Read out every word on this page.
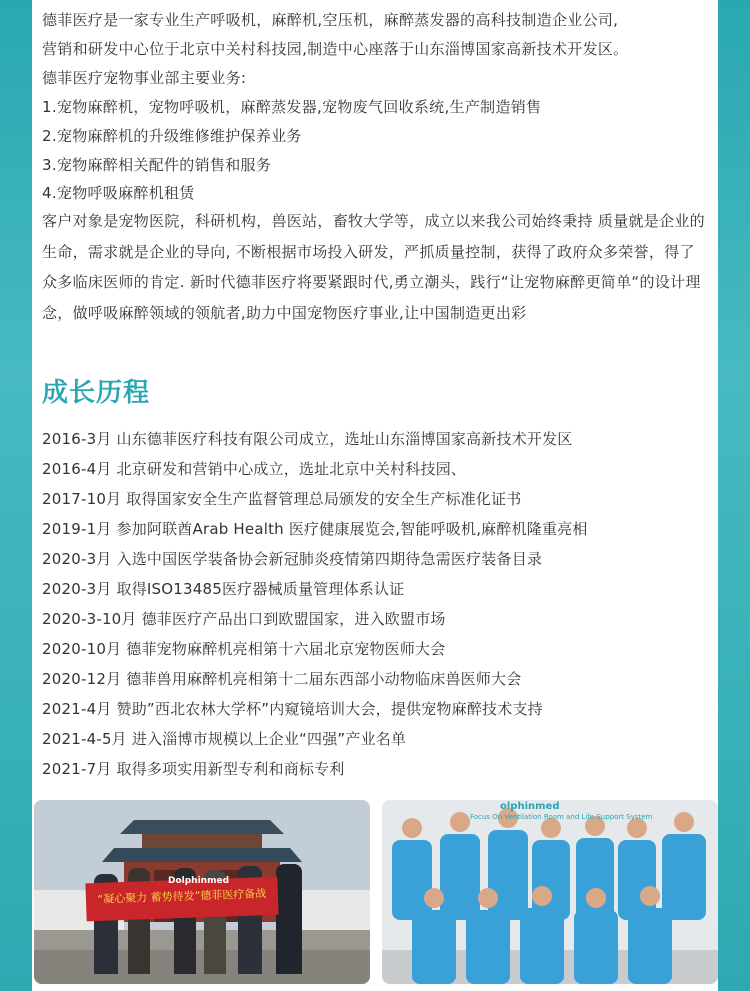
德菲医疗是一家专业生产呼吸机，麻醉机,空压机，麻醉蒸发器的高科技制造企业公司,

营销和研发中心位于北京中关村科技园,制造中心座落于山东淄博国家高新技术开发区。

德菲医疗宠物事业部主要业务:

1.宠物麻醉机，宠物呼吸机，麻醉蒸发器,宠物废气回收系统,生产制造销售

2.宠物麻醉机的升级维修维护保养业务

3.宠物麻醉相关配件的销售和服务

4.宠物呼吸麻醉机租赁

客户对象是宠物医院，科研机构，兽医站，畜牧大学等，成立以来我公司始终秉持 质量就是企业的生命，需求就是企业的导向, 不断根据市场投入研发，严抓质量控制，获得了政府众多荣誉，得了众多临床医师的肯定. 新时代德菲医疗将要紧跟时代,勇立潮头，践行“让宠物麻醉更简单“的设计理念，做呼吸麻醉领域的领航者,助力中国宠物医疗事业,让中国制造更出彩

成长历程
2016-3月 山东德菲医疗科技有限公司成立，选址山东淄博国家高新技术开发区
2016-4月 北京研发和营销中心成立，选址北京中关村科技园、
2017-10月 取得国家安全生产监督管理总局颁发的安全生产标准化证书
2019-1月 参加阿联酋Arab Health 医疗健康展览会,智能呼吸机,麻醉机隆重亮相
2020-3月 入选中国医学装备协会新冠肺炎疫情第四期待急需医疗装备目录
2020-3月 取得ISO13485医疗器械质量管理体系认证
2020-3-10月 德菲医疗产品出口到欧盟国家，进入欧盟市场
2020-10月 德菲宠物麻醉机亮相第十六届北京宠物医师大会
2020-12月 德菲兽用麻醉机亮相第十二届东西部小动物临床兽医师大会
2021-4月 赞助”西北农林大学杯”内窥镜培训大会，提供宠物麻醉技术支持
2021-4-5月 进入淄博市规模以上企业“四强”产业名单
2021-7月 取得多项实用新型专利和商标专利
“凝心聚力 蓄势待发”德菲医疗备战
Dolphinmed
olphinmed
Focus On Ventilation Room and Life Support System
